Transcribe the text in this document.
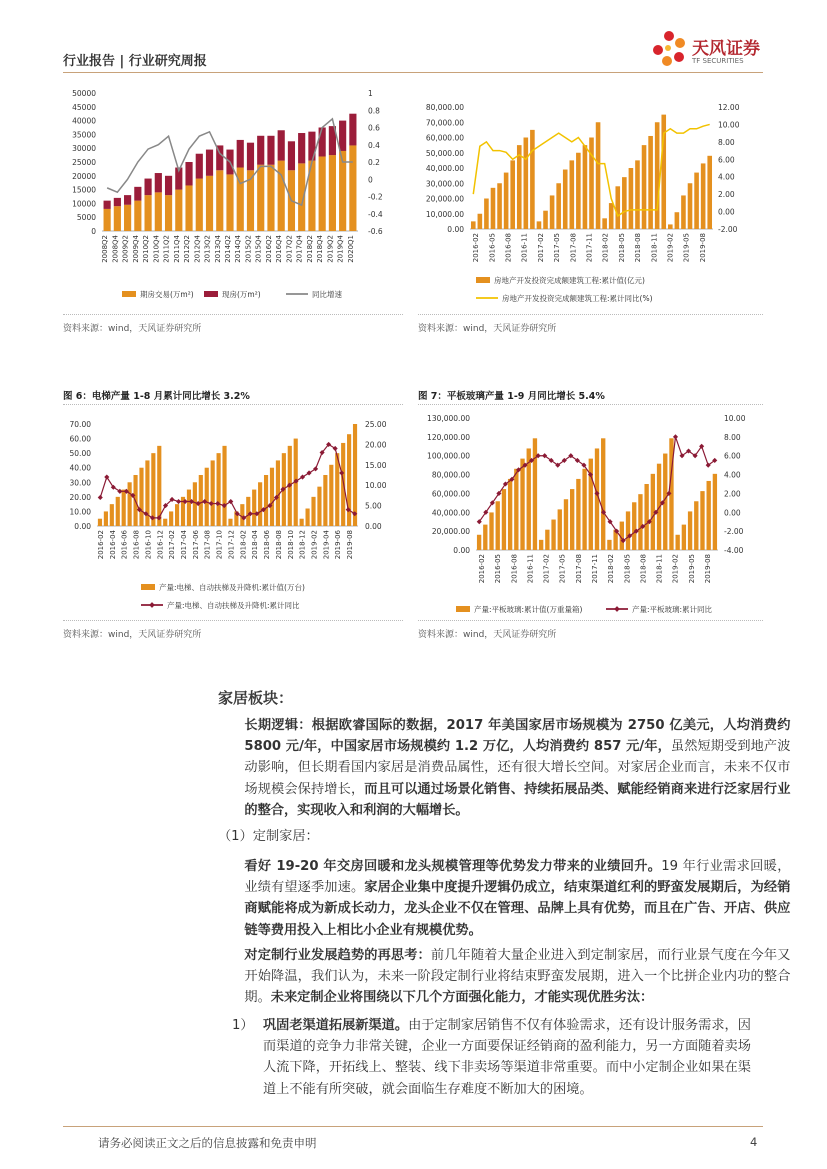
行业报告 | 行业研究周报
天风证券
TF SECURITIES
50000
45000
40000
35000
30000
25000
20000
15000
10000
5000
0
1
0.8
0.6
0.4
0.2
0
-0.2
-0.4
-0.6
2008Q2 2008Q4 2009Q2 2009Q4 2010Q2 2010Q4 2011Q2 2011Q4 2012Q2 2012Q4 2013Q2 2013Q4 2014Q2 2014Q4 2015Q2 2015Q4 2016Q2 2016Q4 2017Q2 2017Q4 2018Q2 2018Q4 2019Q2 2019Q4 2020Q1
期房交易(万m²)	现房(万m²)	同比增速
资料来源：wind，天风证券研究所
80,000.00
70,000.00
60,000.00
50,000.00
40,000.00
30,000.00
20,000.00
10,000.00
0.00
12.00
10.00
8.00
6.00
4.00
2.00
0.00
-2.00
2016-02 2016-05 2016-08 2016-11 2017-02 2017-05 2017-08 2017-11 2018-02 2018-05 2018-08 2018-11 2019-02 2019-05 2019-08
房地产开发投资完成额建筑工程:累计值(亿元)
房地产开发投资完成额建筑工程:累计同比(%)
资料来源：wind，天风证券研究所
图 6：电梯产量 1-8 月累计同比增长 3.2%
70.00
60.00
50.00
40.00
30.00
20.00
10.00
0.00
25.00
20.00
15.00
10.00
5.00
0.00
2016-02 2016-04 2016-06 2016-08 2016-10 2016-12 2017-02 2017-04 2017-06 2017-08 2017-10 2017-12 2018-02 2018-04 2018-06 2018-08 2018-10 2018-12 2019-02 2019-04 2019-06 2019-08
产量:电梯、自动扶梯及升降机:累计值(万台)
产量:电梯、自动扶梯及升降机:累计同比
资料来源：wind，天风证券研究所
图 7：平板玻璃产量 1-9 月同比增长 5.4%
130,000.00
120,000.00
100,000.00
80,000.00
60,000.00
40,000.00
20,000.00
0.00
10.00
8.00
6.00
4.00
2.00
0.00
-2.00
-4.00
2016-02 2016-05 2016-08 2016-11 2017-02 2017-05 2017-08 2017-11 2018-02 2018-05 2018-08 2018-11 2019-02 2019-05 2019-08
产量:平板玻璃:累计值(万重量箱)	产量:平板玻璃:累计同比
资料来源：wind，天风证券研究所
家居板块：
长期逻辑：根据欧睿国际的数据，2017 年美国家居市场规模为 2750 亿美元，人均消费约 5800 元/年，中国家居市场规模约 1.2 万亿，人均消费约 857 元/年，虽然短期受到地产波动影响，但长期看国内家居是消费品属性，还有很大增长空间。对家居企业而言，未来不仅市场规模会保持增长，而且可以通过场景化销售、持续拓展品类、赋能经销商来进行泛家居行业的整合，实现收入和利润的大幅增长。
（1）定制家居：
看好 19-20 年交房回暖和龙头规模管理等优势发力带来的业绩回升。19 年行业需求回暖，业绩有望逐季加速。家居企业集中度提升逻辑仍成立，结束渠道红利的野蛮发展期后，为经销商赋能将成为新成长动力，龙头企业不仅在管理、品牌上具有优势，而且在广告、开店、供应链等费用投入上相比小企业有规模优势。
对定制行业发展趋势的再思考：前几年随着大量企业进入到定制家居，而行业景气度在今年又开始降温，我们认为，未来一阶段定制行业将结束野蛮发展期，进入一个比拼企业内功的整合期。未来定制企业将围绕以下几个方面强化能力，才能实现优胜劣汰：
1） 巩固老渠道拓展新渠道。由于定制家居销售不仅有体验需求，还有设计服务需求，因而渠道的竞争力非常关键，企业一方面要保证经销商的盈利能力，另一方面随着卖场人流下降，开拓线上、整装、线下非卖场等渠道非常重要。而中小定制企业如果在渠道上不能有所突破，就会面临生存难度不断加大的困境。
请务必阅读正文之后的信息披露和免责申明	4
